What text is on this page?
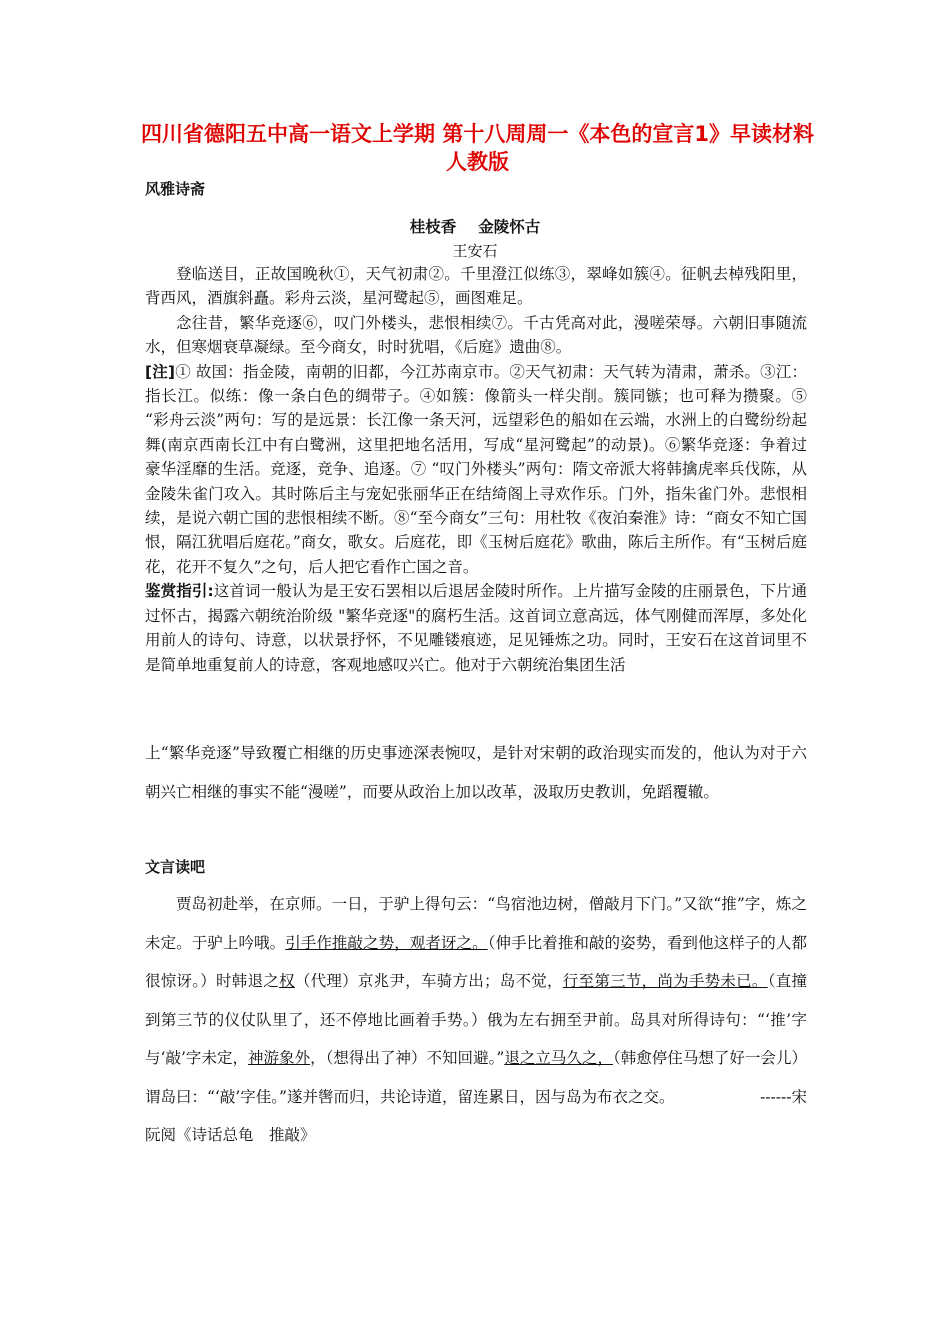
四川省德阳五中高一语文上学期 第十八周周一《本色的宣言1》早读材料 人教版
风雅诗斋
桂枝香 金陵怀古
王安石

登临送目，正故国晚秋①，天气初肃②。千里澄江似练③，翠峰如簇④。征帆去棹残阳里，背西风，酒旗斜矗。彩舟云淡，星河鹭起⑤，画图难足。

念往昔，繁华竞逐⑥，叹门外楼头，悲恨相续⑦。千古凭高对此，漫嗟荣辱。六朝旧事随流水，但寒烟衰草凝绿。至今商女，时时犹唱，《后庭》遗曲⑧。

[注]① 故国：指金陵，南朝的旧都，今江苏南京市。②天气初肃：天气转为清肃，萧杀。③江：指长江。似练：像一条白色的绸带子。④如簇：像箭头一样尖削。簇同镞；也可释为攒聚。⑤ “彩舟云淡”两句：写的是远景：长江像一条天河，远望彩色的船如在云端，水洲上的白鹭纷纷起舞(南京西南长江中有白鹭洲，这里把地名活用，写成“星河鹭起”的动景)。⑥繁华竞逐：争着过豪华淫靡的生活。竞逐，竞争、追逐。⑦ “叹门外楼头”两句：隋文帝派大将韩擒虎率兵伐陈，从金陵朱雀门攻入。其时陈后主与宠妃张丽华正在结绮阁上寻欢作乐。门外，指朱雀门外。悲恨相续，是说六朝亡国的悲恨相续不断。⑧“至今商女”三句：用杜牧《夜泊秦淮》诗：“商女不知亡国恨，隔江犹唱后庭花。”商女，歌女。后庭花，即《玉树后庭花》歌曲，陈后主所作。有“玉树后庭花，花开不复久”之句，后人把它看作亡国之音。

鉴赏指引:这首词一般认为是王安石罢相以后退居金陵时所作。上片描写金陵的庄丽景色，下片通过怀古，揭露六朝统治阶级 "繁华竞逐"的腐朽生活。这首词立意高远，体气刚健而浑厚，多处化用前人的诗句、诗意，以状景抒怀，不见雕镂痕迹，足见锤炼之功。同时，王安石在这首词里不是简单地重复前人的诗意，客观地感叹兴亡。他对于六朝统治集团生活

上“繁华竞逐”导致覆亡相继的历史事迹深表惋叹，是针对宋朝的政治现实而发的，他认为对于六朝兴亡相继的事实不能“漫嗟”，而要从政治上加以改革，汲取历史教训，免蹈覆辙。

文言读吧

贾岛初赴举，在京师。一日，于驴上得句云：“鸟宿池边树，僧敲月下门。”又欲“推”字，炼之未定。于驴上吟哦。引手作推敲之势，观者讶之。（伸手比着推和敲的姿势，看到他这样子的人都很惊讶。）时韩退之权（代理）京兆尹，车骑方出；岛不觉，行至第三节，尚为手势未已。（直撞到第三节的仪仗队里了，还不停地比画着手势。）俄为左右拥至尹前。岛具对所得诗句：“‘推’字与‘敲’字未定，神游象外，（想得出了神）不知回避。”退之立马久之，（韩愈停住马想了好一会儿）谓岛曰：“‘敲’字佳。”遂并辔而归，共论诗道，留连累日，因与岛为布衣之交。	------宋

阮阅《诗话总龟　推敲》
